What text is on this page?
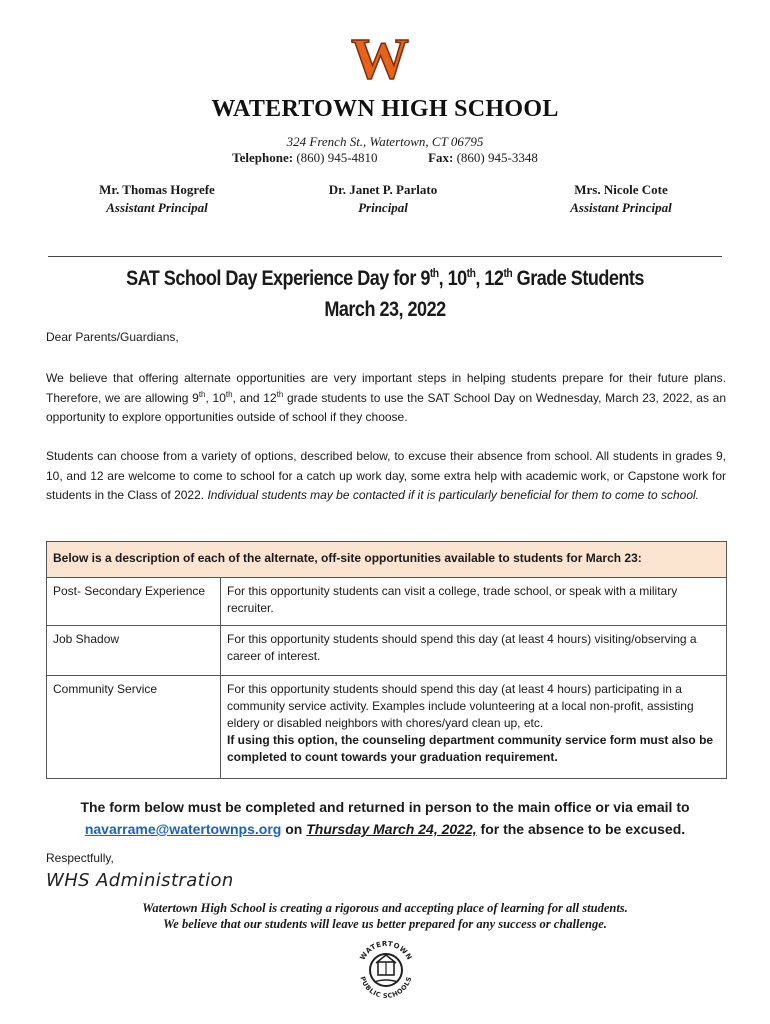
W
WATERTOWN HIGH SCHOOL
324 French St., Watertown, CT 06795
Telephone: (860) 945-4810	Fax: (860) 945-3348
Mr. Thomas Hogrefe
Assistant Principal
Dr. Janet P. Parlato
Principal
Mrs. Nicole Cote
Assistant Principal
SAT School Day Experience Day for 9th, 10th, 12th Grade Students
March 23, 2022
Dear Parents/Guardians,
We believe that offering alternate opportunities are very important steps in helping students prepare for their future plans. Therefore, we are allowing 9th, 10th, and 12th grade students to use the SAT School Day on Wednesday, March 23, 2022, as an opportunity to explore opportunities outside of school if they choose.
Students can choose from a variety of options, described below, to excuse their absence from school. All students in grades 9, 10, and 12 are welcome to come to school for a catch up work day, some extra help with academic work, or Capstone work for students in the Class of 2022. Individual students may be contacted if it is particularly beneficial for them to come to school.
Below is a description of each of the alternate, off-site opportunities available to students for March 23:	
Post- Secondary Experience	For this opportunity students can visit a college, trade school, or speak with a military recruiter.
Job Shadow	For this opportunity students should spend this day (at least 4 hours) visiting/observing a career of interest.
Community Service	For this opportunity students should spend this day (at least 4 hours) participating in a community service activity. Examples include volunteering at a local non-profit, assisting eldery or disabled neighbors with chores/yard clean up, etc.
If using this option, the counseling department community service form must also be completed to count towards your graduation requirement.
The form below must be completed and returned in person to the main office or via email to
navarrame@watertownps.org on Thursday March 24, 2022, for the absence to be excused.
Respectfully,
WHS Administration
Watertown High School is creating a rigorous and accepting place of learning for all students.
We believe that our students will leave us better prepared for any success or challenge.
WATERTOWN
PUBLIC SCHOOLS
